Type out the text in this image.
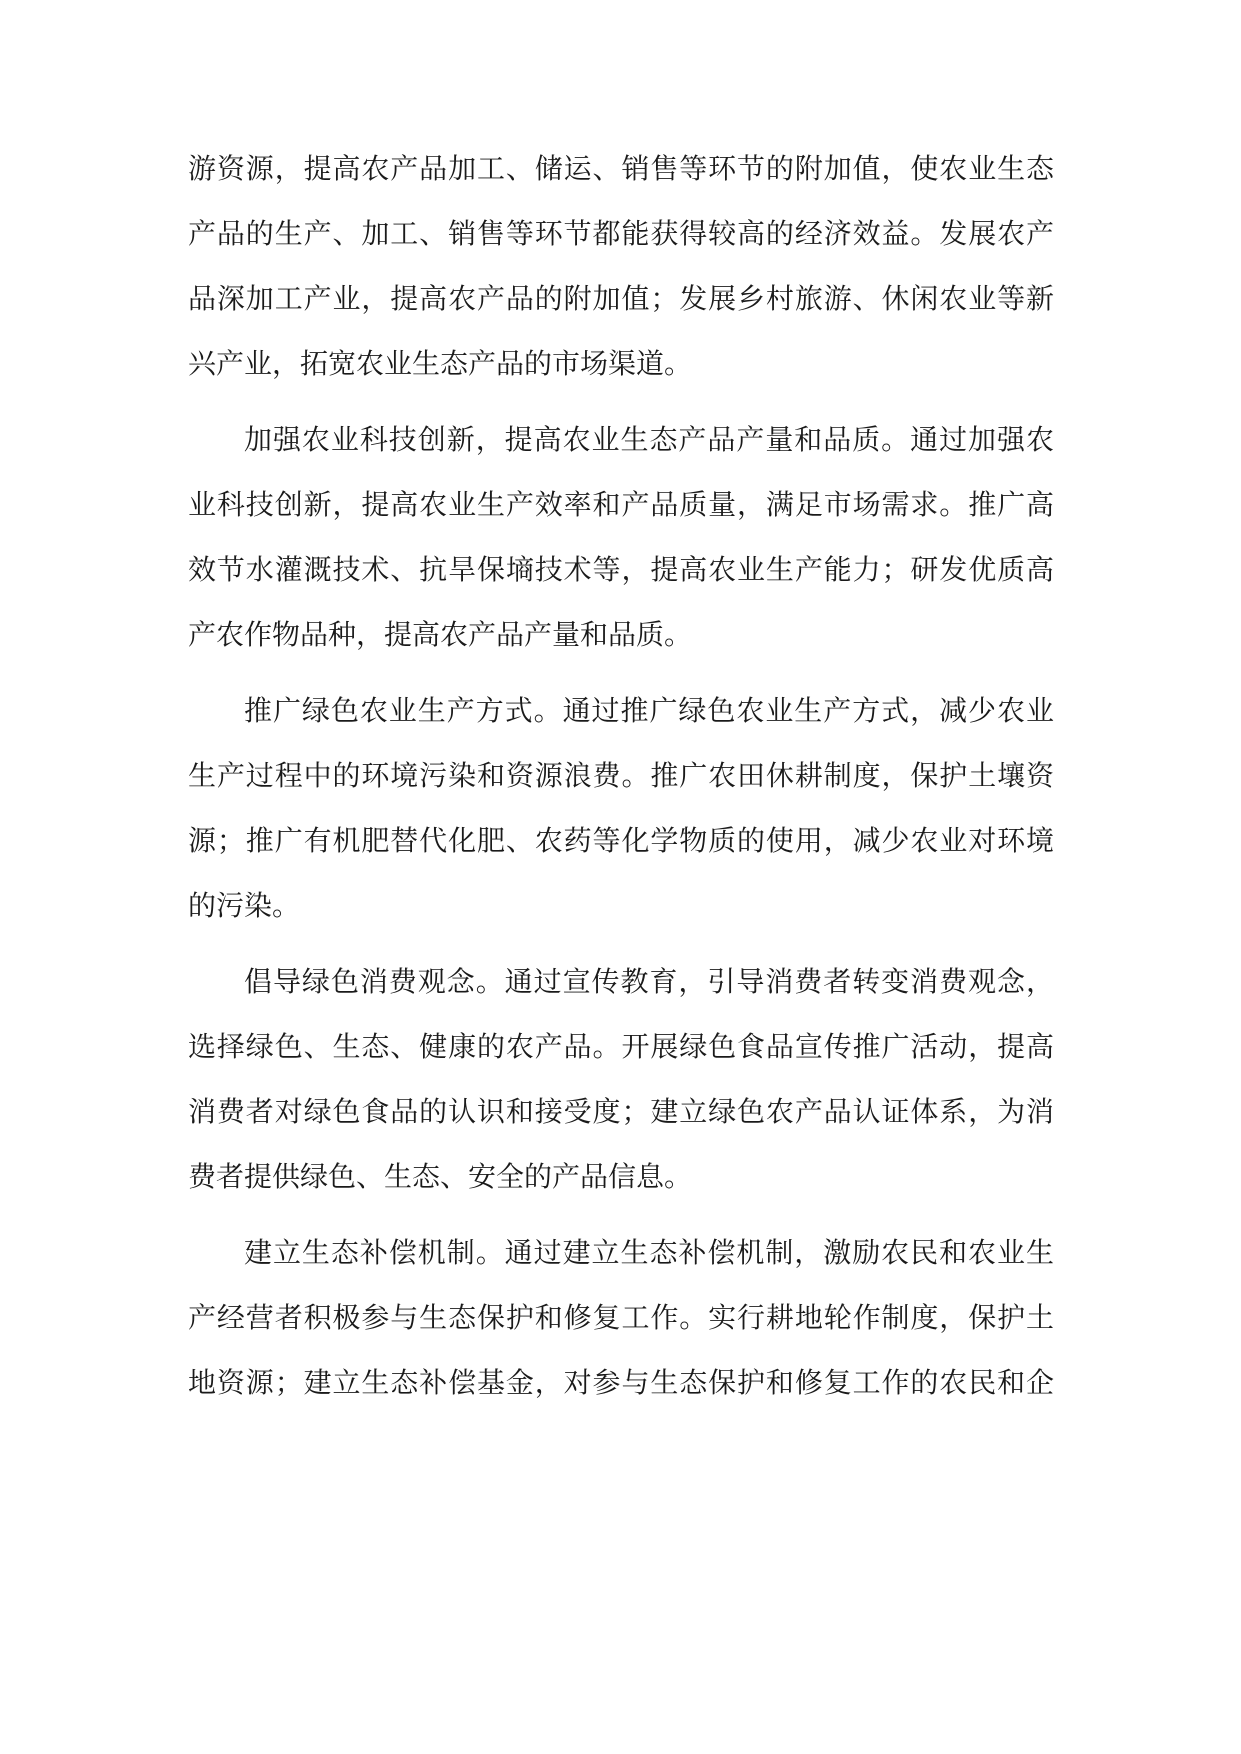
游资源，提高农产品加工、储运、销售等环节的附加值，使农业生态
产品的生产、加工、销售等环节都能获得较高的经济效益。发展农产
品深加工产业，提高农产品的附加值；发展乡村旅游、休闲农业等新
兴产业，拓宽农业生态产品的市场渠道。

加强农业科技创新，提高农业生态产品产量和品质。通过加强农
业科技创新，提高农业生产效率和产品质量，满足市场需求。推广高
效节水灌溉技术、抗旱保墒技术等，提高农业生产能力；研发优质高
产农作物品种，提高农产品产量和品质。

推广绿色农业生产方式。通过推广绿色农业生产方式，减少农业
生产过程中的环境污染和资源浪费。推广农田休耕制度，保护土壤资
源；推广有机肥替代化肥、农药等化学物质的使用，减少农业对环境
的污染。

倡导绿色消费观念。通过宣传教育，引导消费者转变消费观念，
选择绿色、生态、健康的农产品。开展绿色食品宣传推广活动，提高
消费者对绿色食品的认识和接受度；建立绿色农产品认证体系，为消
费者提供绿色、生态、安全的产品信息。

建立生态补偿机制。通过建立生态补偿机制，激励农民和农业生
产经营者积极参与生态保护和修复工作。实行耕地轮作制度，保护土
地资源；建立生态补偿基金，对参与生态保护和修复工作的农民和企
